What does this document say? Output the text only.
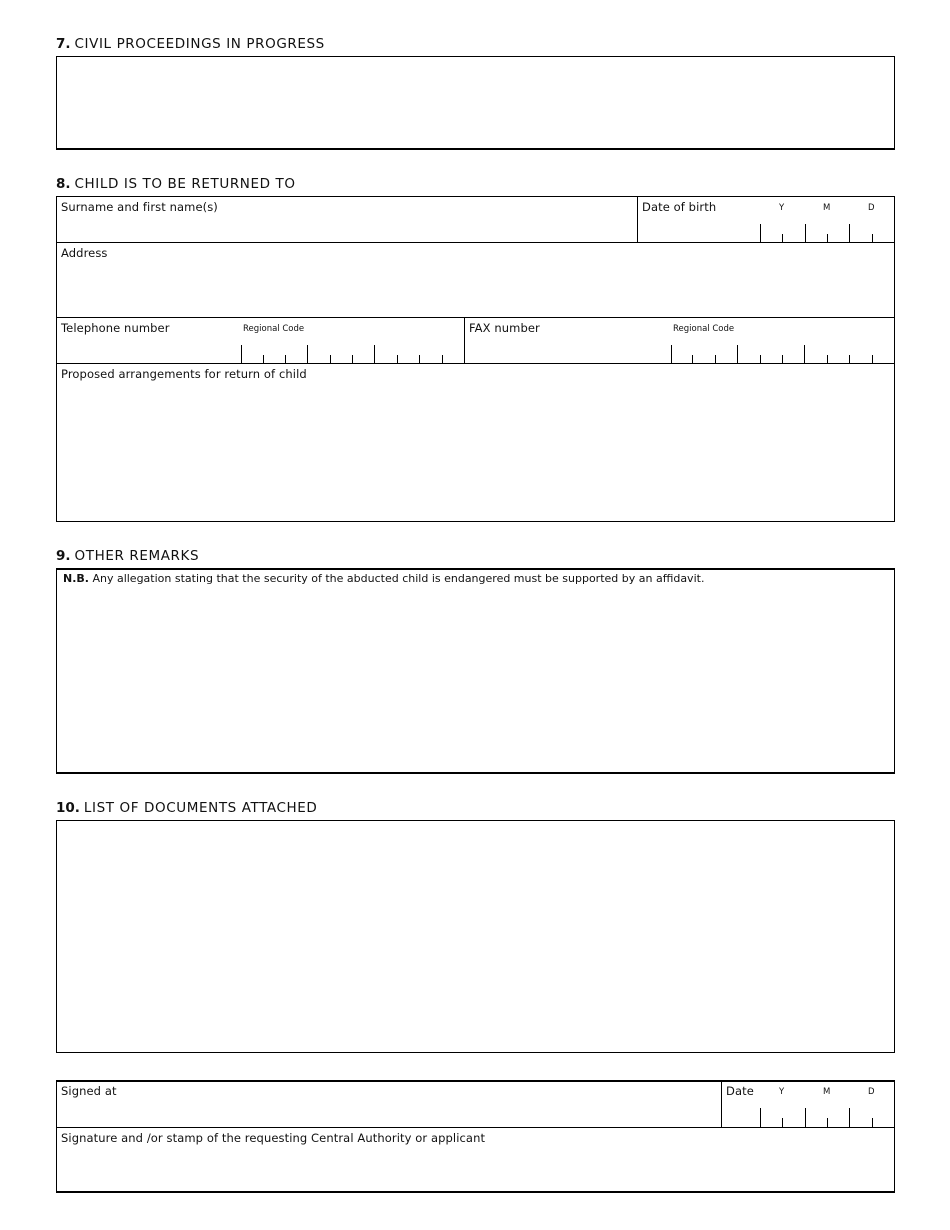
7. CIVIL PROCEEDINGS IN PROGRESS
8. CHILD IS TO BE RETURNED TO
Surname and first name(s)	Date of birth	Y	M	D
Address
Telephone number	Regional Code	FAX number	Regional Code
Proposed arrangements for return of child
9. OTHER REMARKS
N.B. Any allegation stating that the security of the abducted child is endangered must be supported by an affidavit.
10. LIST OF DOCUMENTS ATTACHED
Signed at	Date	Y	M	D
Signature and /or stamp of the requesting Central Authority or applicant
